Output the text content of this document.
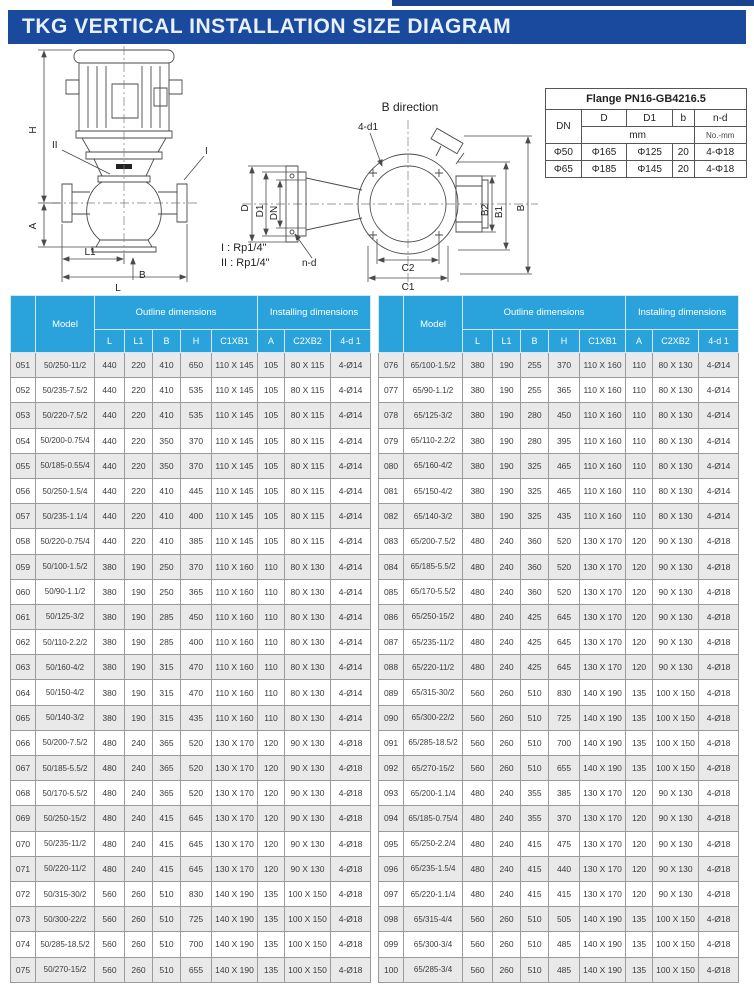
TKG VERTICAL INSTALLATION SIZE DIAGRAM
H
A
L1
L
B
II
I
B direction
D D1 DN	B2 B1 B
C2
C1
4-d1
n-d
I : Rp1/4"
II : Rp1/4"
Flange PN16-GB4216.5				
DN	D	D1	b	n-d
	mm			No.-mm
Φ50	Φ165	Φ125	20	4-Φ18
Φ65	Φ185	Φ145	20	4-Φ18
	Model	Outline dimensions					Installing dimensions		
		L	L1	B	H	C1XB1	A	C2XB2	4-d 1
051	50/250-11/2	440	220	410	650	110 X 145	105	80 X 115	4-Ø14
052	50/235-7.5/2	440	220	410	535	110 X 145	105	80 X 115	4-Ø14
053	50/220-7.5/2	440	220	410	535	110 X 145	105	80 X 115	4-Ø14
054	50/200-0.75/4	440	220	350	370	110 X 145	105	80 X 115	4-Ø14
055	50/185-0.55/4	440	220	350	370	110 X 145	105	80 X 115	4-Ø14
056	50/250-1.5/4	440	220	410	445	110 X 145	105	80 X 115	4-Ø14
057	50/235-1.1/4	440	220	410	400	110 X 145	105	80 X 115	4-Ø14
058	50/220-0.75/4	440	220	410	385	110 X 145	105	80 X 115	4-Ø14
059	50/100-1.5/2	380	190	250	370	110 X 160	110	80 X 130	4-Ø14
060	50/90-1.1/2	380	190	250	365	110 X 160	110	80 X 130	4-Ø14
061	50/125-3/2	380	190	285	450	110 X 160	110	80 X 130	4-Ø14
062	50/110-2.2/2	380	190	285	400	110 X 160	110	80 X 130	4-Ø14
063	50/160-4/2	380	190	315	470	110 X 160	110	80 X 130	4-Ø14
064	50/150-4/2	380	190	315	470	110 X 160	110	80 X 130	4-Ø14
065	50/140-3/2	380	190	315	435	110 X 160	110	80 X 130	4-Ø14
066	50/200-7.5/2	480	240	365	520	130 X 170	120	90 X 130	4-Ø18
067	50/185-5.5/2	480	240	365	520	130 X 170	120	90 X 130	4-Ø18
068	50/170-5.5/2	480	240	365	520	130 X 170	120	90 X 130	4-Ø18
069	50/250-15/2	480	240	415	645	130 X 170	120	90 X 130	4-Ø18
070	50/235-11/2	480	240	415	645	130 X 170	120	90 X 130	4-Ø18
071	50/220-11/2	480	240	415	645	130 X 170	120	90 X 130	4-Ø18
072	50/315-30/2	560	260	510	830	140 X 190	135	100 X 150	4-Ø18
073	50/300-22/2	560	260	510	725	140 X 190	135	100 X 150	4-Ø18
074	50/285-18.5/2	560	260	510	700	140 X 190	135	100 X 150	4-Ø18
075	50/270-15/2	560	260	510	655	140 X 190	135	100 X 150	4-Ø18
	Model	Outline dimensions					Installing dimensions		
		L	L1	B	H	C1XB1	A	C2XB2	4-d 1
076	65/100-1.5/2	380	190	255	370	110 X 160	110	80 X 130	4-Ø14
077	65/90-1.1/2	380	190	255	365	110 X 160	110	80 X 130	4-Ø14
078	65/125-3/2	380	190	280	450	110 X 160	110	80 X 130	4-Ø14
079	65/110-2.2/2	380	190	280	395	110 X 160	110	80 X 130	4-Ø14
080	65/160-4/2	380	190	325	465	110 X 160	110	80 X 130	4-Ø14
081	65/150-4/2	380	190	325	465	110 X 160	110	80 X 130	4-Ø14
082	65/140-3/2	380	190	325	435	110 X 160	110	80 X 130	4-Ø14
083	65/200-7.5/2	480	240	360	520	130 X 170	120	90 X 130	4-Ø18
084	65/185-5.5/2	480	240	360	520	130 X 170	120	90 X 130	4-Ø18
085	65/170-5.5/2	480	240	360	520	130 X 170	120	90 X 130	4-Ø18
086	65/250-15/2	480	240	425	645	130 X 170	120	90 X 130	4-Ø18
087	65/235-11/2	480	240	425	645	130 X 170	120	90 X 130	4-Ø18
088	65/220-11/2	480	240	425	645	130 X 170	120	90 X 130	4-Ø18
089	65/315-30/2	560	260	510	830	140 X 190	135	100 X 150	4-Ø18
090	65/300-22/2	560	260	510	725	140 X 190	135	100 X 150	4-Ø18
091	65/285-18.5/2	560	260	510	700	140 X 190	135	100 X 150	4-Ø18
092	65/270-15/2	560	260	510	655	140 X 190	135	100 X 150	4-Ø18
093	65/200-1.1/4	480	240	355	385	130 X 170	120	90 X 130	4-Ø18
094	65/185-0.75/4	480	240	355	370	130 X 170	120	90 X 130	4-Ø18
095	65/250-2.2/4	480	240	415	475	130 X 170	120	90 X 130	4-Ø18
096	65/235-1.5/4	480	240	415	440	130 X 170	120	90 X 130	4-Ø18
097	65/220-1.1/4	480	240	415	415	130 X 170	120	90 X 130	4-Ø18
098	65/315-4/4	560	260	510	505	140 X 190	135	100 X 150	4-Ø18
099	65/300-3/4	560	260	510	485	140 X 190	135	100 X 150	4-Ø18
100	65/285-3/4	560	260	510	485	140 X 190	135	100 X 150	4-Ø18
